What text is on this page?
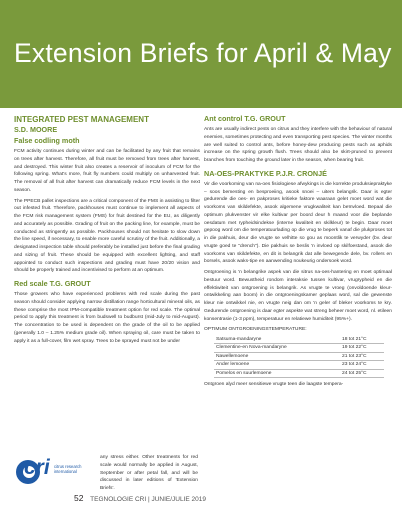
Extension Briefs for April & May

INTEGRATED PEST MANAGEMENT

S.D. MOORE

False codling moth

FCM activity continues during winter and can be facilitated by any fruit that remains on trees after harvest. Therefore, all fruit must be removed from trees after harvest, and destroyed. This winter fruit also creates a reservoir of inoculum of FCM for the following spring. What's more, fruit fly numbers could multiply on unharvested fruit. The removal of all fruit after harvest can dramatically reduce FCM levels in the next season.

The PPECB pallet inspections are a critical component of the FMS in assisting to filter out infested fruit. Therefore, packhouses must continue to implement all aspects of the FCM risk management system (FMS) for fruit destined for the EU, as diligently and accurately as possible. Grading of fruit on the packing line, for example, must be conducted as stringently as possible. Packhouses should not hesitate to slow down the line speed, if necessary, to enable more careful scrutiny of the fruit. Additionally, a designated inspection table should preferably be installed just before the final grading and sizing of fruit. These should be equipped with excellent lighting, and staff appointed to conduct such inspections and grading must have 20/20 vision and should be properly trained and incentivised to perform at an optimum.

Red scale T.G. GROUT

Those growers who have experienced problems with red scale during the past season should consider applying narrow distillation range horticultural mineral oils, as these comprise the most IPM-compatible treatment option for red scale. The optimal period to apply this treatment is from budswell to budburst (mid-July to mid-August). The concentration to be used is dependent on the grade of the oil to be applied (generally 1.0 – 1.25% medium grade oil). When spraying oil, care must be taken to apply it as a full-cover, film wet spray. Trees to be sprayed must not be under

cri citrus research international

any stress either. Other treatments for red scale would normally be applied in August, September or after petal fall, and will be discussed in later editions of 'Extension Briefs'.

Ant control T.G. GROUT

Ants are usually indirect pests on citrus and they interfere with the behaviour of natural enemies, sometimes protecting and even transporting pest species. The winter months are well suited to control ants, before honey-dew producing pests such as aphids increase on the spring growth flush. Trees should also be skirt-pruned to prevent branches from touching the ground later in the season, when bearing fruit.

NA-OES-PRAKTYKE P.J.R. CRONJÉ

Vir die voorkoming van na-oes fisiologiese afwykings is die korrekte produksiepraktyke – soos bemesting en besproeiing, asook snoei – uiters belangrik. Daar is egter gedurende die oes- en pakproses kritieke faktore waaraan gelet moet word wat die voorkoms van skildefekte, asook algemene vrugkwaliteit kan beïnvloed. Bepaal die optimum plukvenster vir elke kultivar per boord deur h maand voor die beplande oesdatum met rypheidsindekse (interne kwaliteit en skilkleur) te begin. Daar moet gepoog word om die temperatuurlading op die vrug te beperk vanaf die plukproses tot in die pakhuis, deur die vrugte se velhitte so gou as moontlik te verwyder (bv. deur vrugte goed te "drench"). Die pakhuis se beslis 'n invloed op skilfoestand, asook die voorkoms van skildefekte, en dit is belangrik dat alle bewegende dele, bv. rollers en borsels, asook waks-tipe en aanwending noukeurig ondersoek word.

Ontgroening is 'n belangrike aspek van die sitrus na-oes-hantering en moet optimaal bestuur word. Bewustheid rondom interaksie tussen kultivar, vrugrypheid en die effektiwiteit van ontgroening is belangrik. As vrugte te vroeg (onvoldoende kleur-ontwikkeling aan boom) in die ontgroeningskamer geplaas word, sal die gewenste kleur nie ontwikkel nie, en vrugte neig dan om 'n geler of bleker voorkoms te kry. Gedurende ontgroening is daar egter aspekte wat streng beheer moet word, nl. etileen konsentrasie (1-3 ppm), temperatuur en relatiewe humiditeit (95%+).

OPTIMUM ONTGROENINGSTEMPERATURE:

Satsuma-mandaryne	18 tot 21°C
Clementine-en Nova-mandaryne	19 tot 22°C
Nawellemoene	21 tot 23°C
Ander lemoene	23 tot 24°C
Pomelos en suurlemoene	24 tot 25°C

Ontgroen alyd meer sensitiewe vrugte teen die laagste tempera-

52 TEGNOLOGIE CRI | JUNIE/JULIE 2019
